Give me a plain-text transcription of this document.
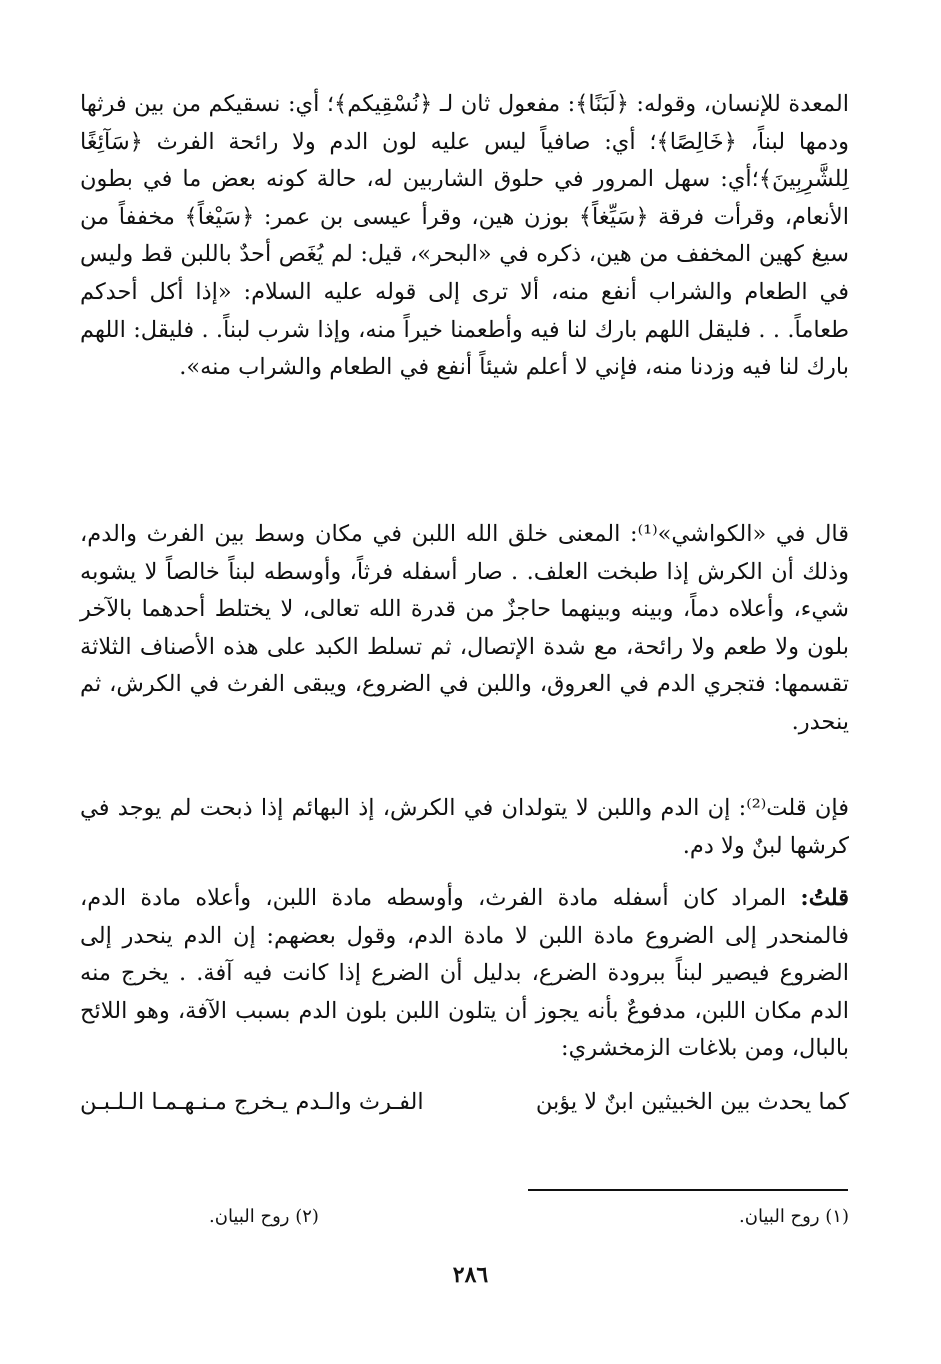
المعدة للإنسان، وقوله: ﴿لَبَنًا﴾: مفعول ثان لـ ﴿نُسْقِيكم﴾؛ أي: نسقيكم من بين فرثها ودمها لبناً، ﴿خَالِصًا﴾؛ أي: صافياً ليس عليه لون الدم ولا رائحة الفرث ﴿سَآئِغًا لِلشَّرِبِينَ﴾؛أي: سهل المرور في حلوق الشاربين له، حالة كونه بعض ما في بطون الأنعام، وقرأت فرقة ﴿سَيِّغاً﴾ بوزن هين، وقرأ عيسى بن عمر: ﴿سَيْغاً﴾ مخففاً من سيغ كهين المخفف من هين، ذكره في «البحر»، قيل: لم يُغَص أحدٌ باللبن قط وليس في الطعام والشراب أنفع منه، ألا ترى إلى قوله عليه السلام: «إذا أكل أحدكم طعاماً. . . فليقل اللهم بارك لنا فيه وأطعمنا خيراً منه، وإذا شرب لبناً. . فليقل: اللهم بارك لنا فيه وزدنا منه، فإني لا أعلم شيئاً أنفع في الطعام والشراب منه».

قال في «الكواشي»⁽¹⁾: المعنى خلق الله اللبن في مكان وسط بين الفرث والدم، وذلك أن الكرش إذا طبخت العلف. . صار أسفله فرثاً، وأوسطه لبناً خالصاً لا يشوبه شيء، وأعلاه دماً، وبينه وبينهما حاجزٌ من قدرة الله تعالى، لا يختلط أحدهما بالآخر بلون ولا طعم ولا رائحة، مع شدة الإتصال، ثم تسلط الكبد على هذه الأصناف الثلاثة تقسمها: فتجري الدم في العروق، واللبن في الضروع، ويبقى الفرث في الكرش، ثم ينحدر.

فإن قلت⁽²⁾: إن الدم واللبن لا يتولدان في الكرش، إذ البهائم إذا ذبحت لم يوجد في كرشها لبنٌ ولا دم.

قلتُ: المراد كان أسفله مادة الفرث، وأوسطه مادة اللبن، وأعلاه مادة الدم، فالمنحدر إلى الضروع مادة اللبن لا مادة الدم، وقول بعضهم: إن الدم ينحدر إلى الضروع فيصير لبناً ببرودة الضرع، بدليل أن الضرع إذا كانت فيه آفة. . يخرج منه الدم مكان اللبن، مدفوعٌ بأنه يجوز أن يتلون اللبن بلون الدم بسبب الآفة، وهو اللائح بالبال، ومن بلاغات الزمخشري:

كما يحدث بين الخبيثين ابنٌ لا يؤبن
الفـرث والـدم يـخرج مـنـهـمـا الـلـبـن
(١) روح البيان.
(٢) روح البيان.
٢٨٦
